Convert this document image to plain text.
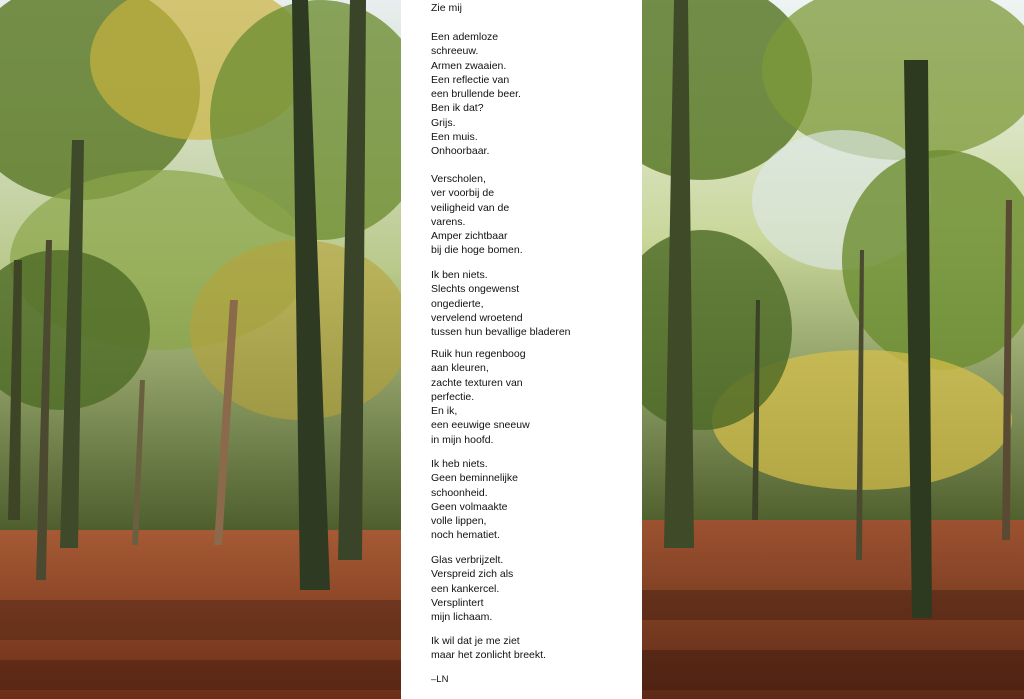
Zie mij
Een ademloze
schreeuw.
Armen zwaaien.
Een reflectie van
een brullende beer.
Ben ik dat?
Grijs.
Een muis.
Onhoorbaar.
Verscholen,
ver voorbij de
veiligheid van de
varens.
Amper zichtbaar
bij die hoge bomen.
Ik ben niets.
Slechts ongewenst
ongedierte,
vervelend wroetend
tussen hun bevallige bladeren
Ruik hun regenboog
aan kleuren,
zachte texturen van
perfectie.
En ik,
een eeuwige sneeuw
in mijn hoofd.
Ik heb niets.
Geen beminnelijke
schoonheid.
Geen volmaakte
volle lippen,
noch hematiet.
Glas verbrijzelt.
Verspreid zich als
een kankercel.
Versplintert
mijn lichaam.
Ik wil dat je me ziet
maar het zonlicht breekt.
–LN
